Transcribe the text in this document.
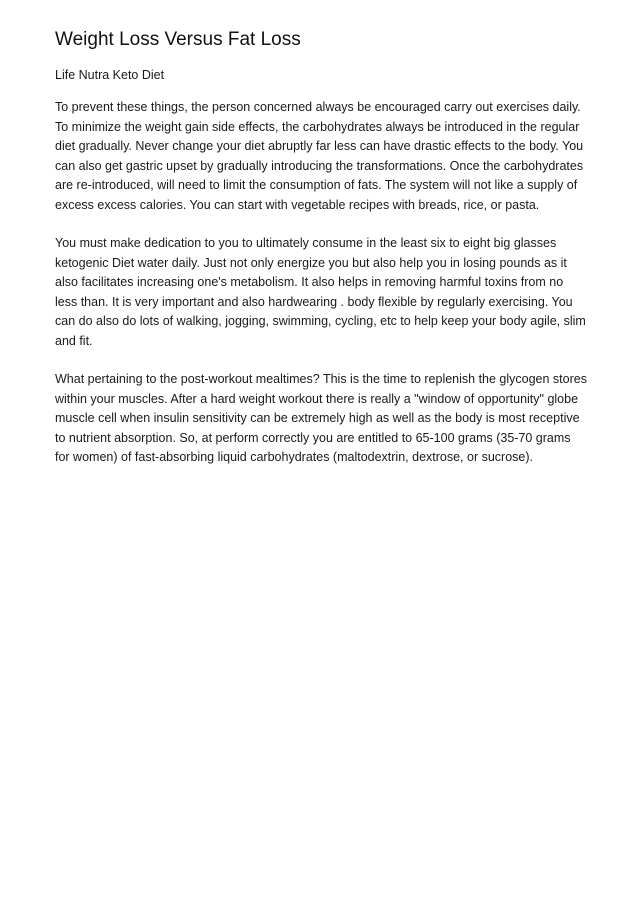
Weight Loss Versus Fat Loss

Life Nutra Keto Diet

To prevent these things, the person concerned always be encouraged carry out exercises daily. To minimize the weight gain side effects, the carbohydrates always be introduced in the regular diet gradually. Never change your diet abruptly far less can have drastic effects to the body. You can also get gastric upset by gradually introducing the transformations. Once the carbohydrates are re-introduced, will need to limit the consumption of fats. The system will not like a supply of excess excess calories. You can start with vegetable recipes with breads, rice, or pasta.

You must make dedication to you to ultimately consume in the least six to eight big glasses ketogenic Diet water daily. Just not only energize you but also help you in losing pounds as it also facilitates increasing one's metabolism. It also helps in removing harmful toxins from no less than. It is very important and also hardwearing . body flexible by regularly exercising. You can do also do lots of walking, jogging, swimming, cycling, etc to help keep your body agile, slim and fit.

What pertaining to the post-workout mealtimes? This is the time to replenish the glycogen stores within your muscles. After a hard weight workout there is really a "window of opportunity" globe muscle cell when insulin sensitivity can be extremely high as well as the body is most receptive to nutrient absorption. So, at perform correctly you are entitled to 65-100 grams (35-70 grams for women) of fast-absorbing liquid carbohydrates (maltodextrin, dextrose, or sucrose).
